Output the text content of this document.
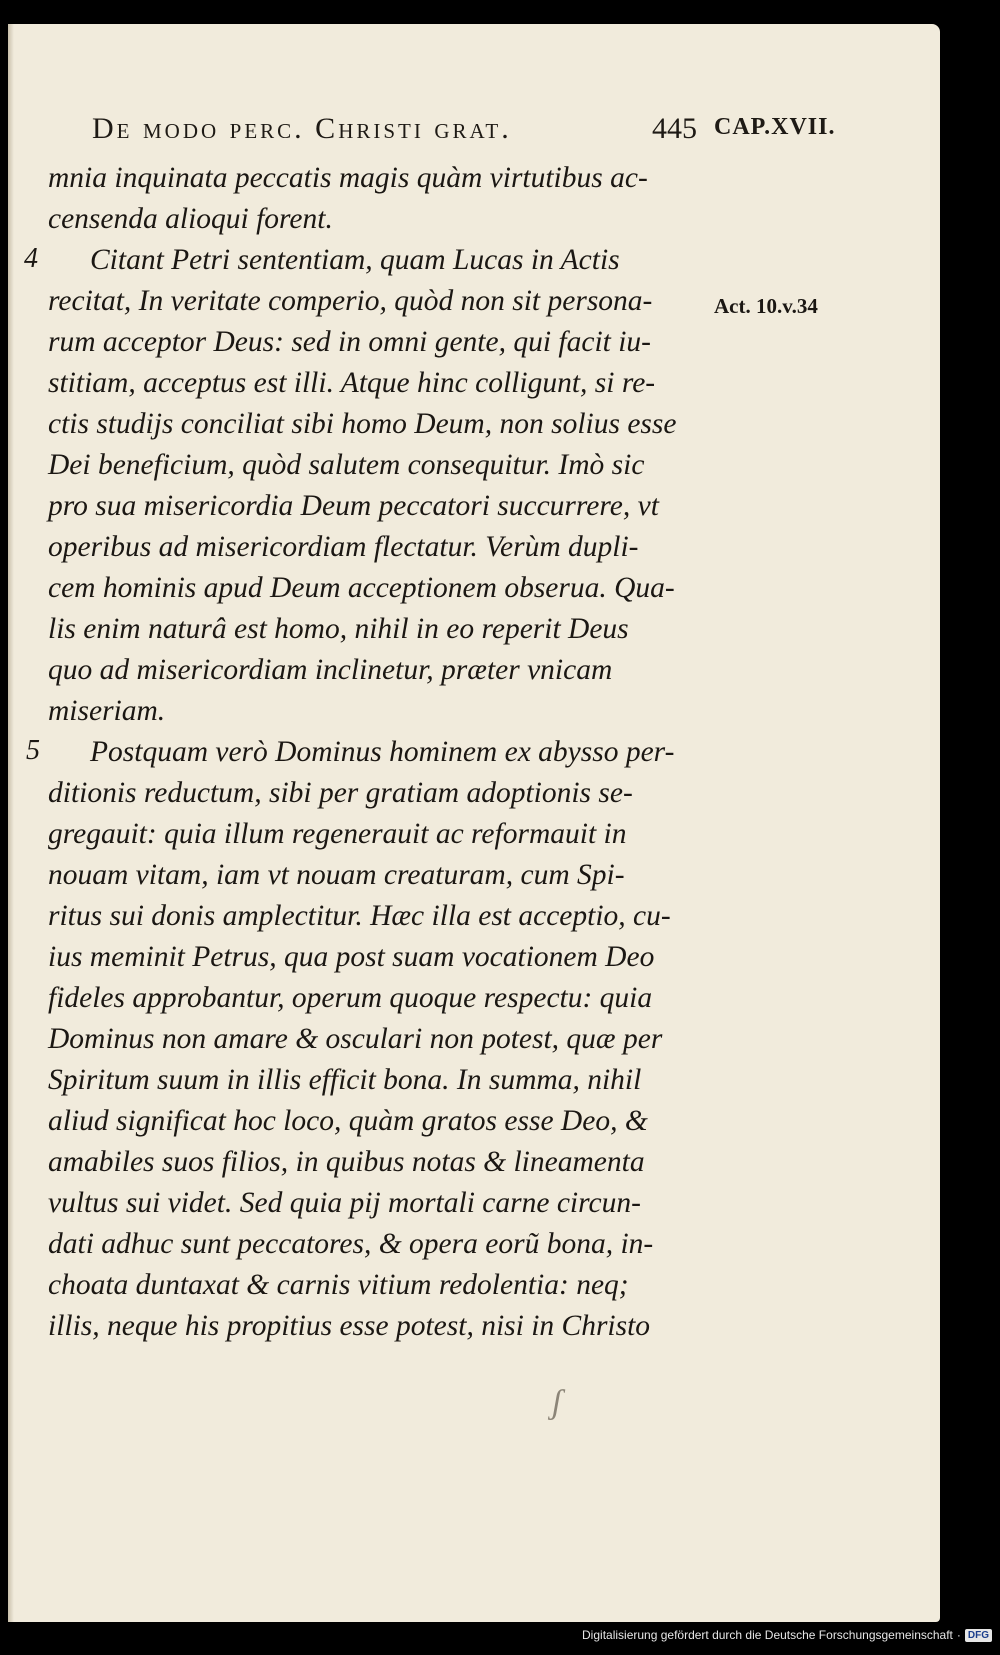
De modo perc. Christi grat.	445 CAP.XVII.
Act. 10.v.34
4
5
mnia inquinata peccatis magis quàm virtutibus ac-
censenda alioqui forent.
Citant Petri sententiam, quam Lucas in Actis
recitat, In veritate comperio, quòd non sit persona-
rum acceptor Deus: sed in omni gente, qui facit iu-
stitiam, acceptus est illi. Atque hinc colligunt, si re-
ctis studijs conciliat sibi homo Deum, non solius esse
Dei beneficium, quòd salutem consequitur. Imò sic
pro sua misericordia Deum peccatori succurrere, vt
operibus ad misericordiam flectatur. Verùm dupli-
cem hominis apud Deum acceptionem obserua. Qua-
lis enim naturâ est homo, nihil in eo reperit Deus
quo ad misericordiam inclinetur, præter vnicam
miseriam.
Postquam verò Dominus hominem ex abysso per-
ditionis reductum, sibi per gratiam adoptionis se-
gregauit: quia illum regenerauit ac reformauit in
nouam vitam, iam vt nouam creaturam, cum Spi-
ritus sui donis amplectitur. Hæc illa est acceptio, cu-
ius meminit Petrus, qua post suam vocationem Deo
fideles approbantur, operum quoque respectu: quia
Dominus non amare & osculari non potest, quæ per
Spiritum suum in illis efficit bona. In summa, nihil
aliud significat hoc loco, quàm gratos esse Deo, &
amabiles suos filios, in quibus notas & lineamenta
vultus sui videt. Sed quia pij mortali carne circun-
dati adhuc sunt peccatores, & opera eorũ bona, in-
choata duntaxat & carnis vitium redolentia: neq;
illis, neque his propitius esse potest, nisi in Christo
ʃ
Digitalisierung gefördert durch die Deutsche Forschungsgemeinschaft · DFG
